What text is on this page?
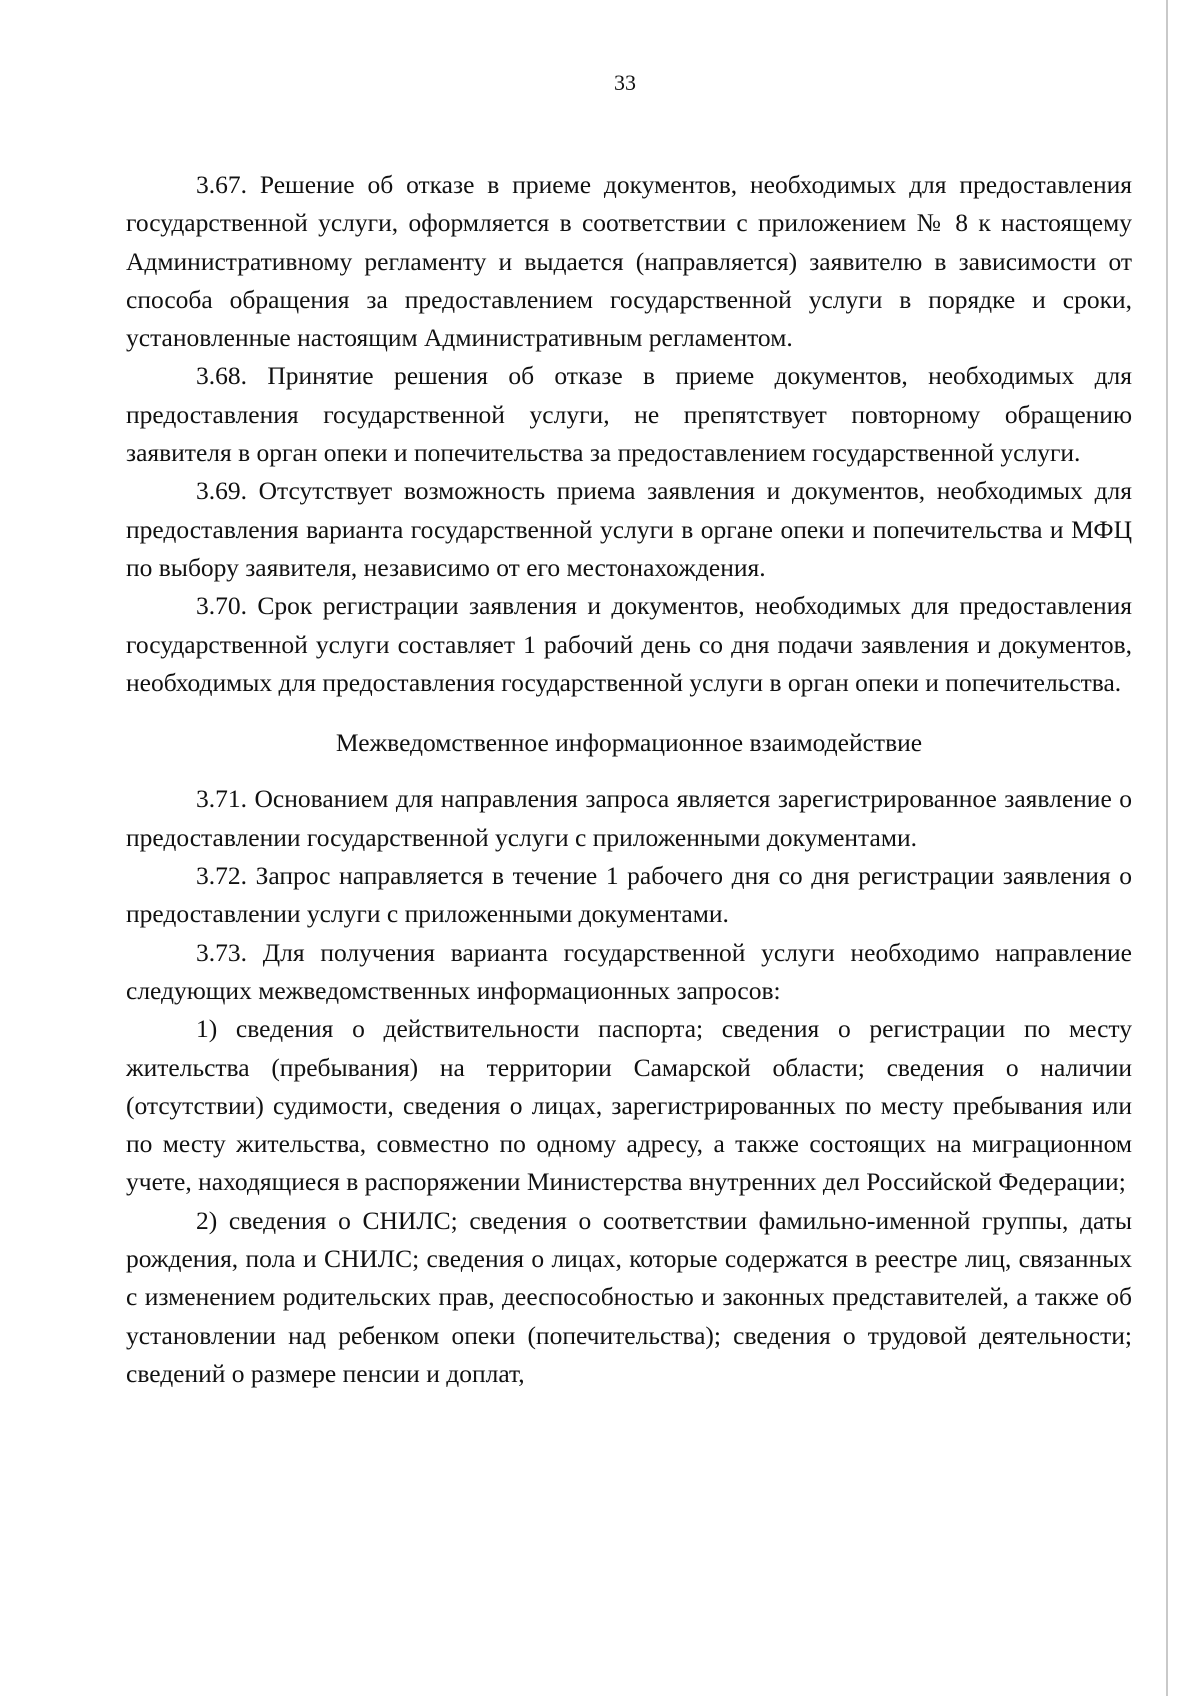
33

3.67. Решение об отказе в приеме документов, необходимых для предоставления государственной услуги, оформляется в соответствии с приложением № 8 к настоящему Административному регламенту и выдается (направляется) заявителю в зависимости от способа обращения за предоставлением государственной услуги в порядке и сроки, установленные настоящим Административным регламентом.

3.68. Принятие решения об отказе в приеме документов, необходимых для предоставления государственной услуги, не препятствует повторному обращению заявителя в орган опеки и попечительства за предоставлением государственной услуги.

3.69. Отсутствует возможность приема заявления и документов, необходимых для предоставления варианта государственной услуги в органе опеки и попечительства и МФЦ по выбору заявителя, независимо от его местонахождения.

3.70. Срок регистрации заявления и документов, необходимых для предоставления государственной услуги составляет 1 рабочий день со дня подачи заявления и документов, необходимых для предоставления государственной услуги в орган опеки и попечительства.

Межведомственное информационное взаимодействие

3.71. Основанием для направления запроса является зарегистрированное заявление о предоставлении государственной услуги с приложенными документами.

3.72. Запрос направляется в течение 1 рабочего дня со дня регистрации заявления о предоставлении услуги с приложенными документами.

3.73. Для получения варианта государственной услуги необходимо направление следующих межведомственных информационных запросов:

1) сведения о действительности паспорта; сведения о регистрации по месту жительства (пребывания) на территории Самарской области; сведения о наличии (отсутствии) судимости, сведения о лицах, зарегистрированных по месту пребывания или по месту жительства, совместно по одному адресу, а также состоящих на миграционном учете, находящиеся в распоряжении Министерства внутренних дел Российской Федерации;

2) сведения о СНИЛС; сведения о соответствии фамильно-именной группы, даты рождения, пола и СНИЛС; сведения о лицах, которые содержатся в реестре лиц, связанных с изменением родительских прав, дееспособностью и законных представителей, а также об установлении над ребенком опеки (попечительства); сведения о трудовой деятельности; сведений о размере пенсии и доплат,
